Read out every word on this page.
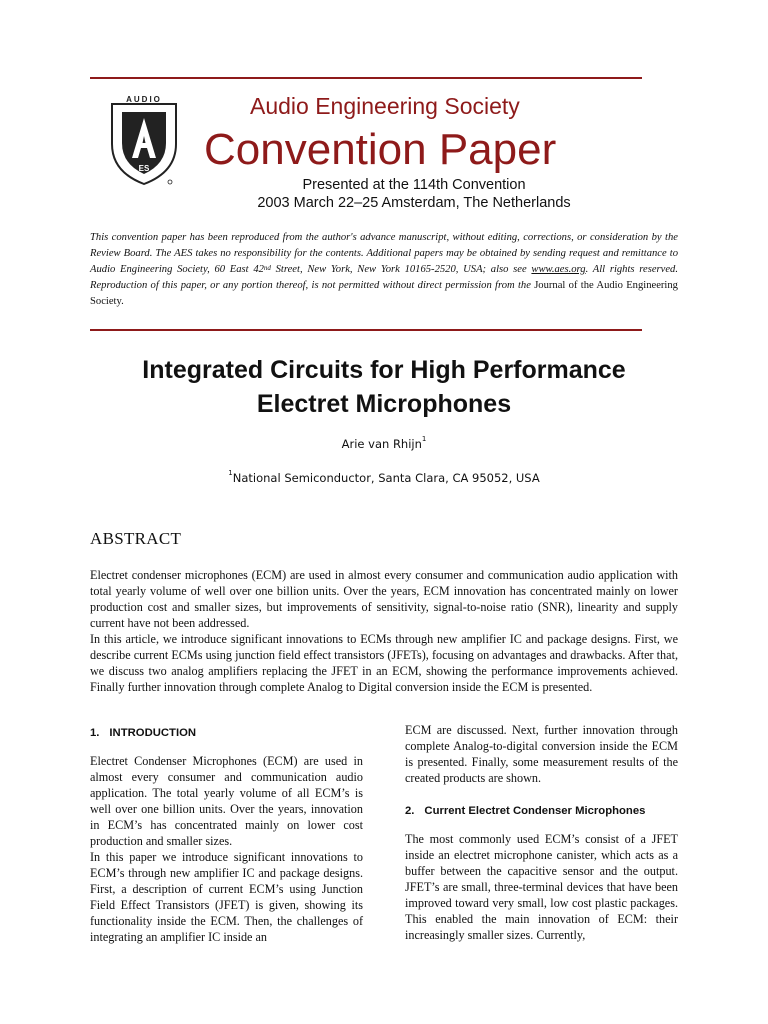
AUDIO
ES
Audio Engineering Society
Convention Paper
Presented at the 114th Convention
2003 March 22–25 Amsterdam, The Netherlands
This convention paper has been reproduced from the author's advance manuscript, without editing, corrections, or consideration by the Review Board. The AES takes no responsibility for the contents. Additional papers may be obtained by sending request and remittance to Audio Engineering Society, 60 East 42nd Street, New York, New York 10165-2520, USA; also see www.aes.org. All rights reserved. Reproduction of this paper, or any portion thereof, is not permitted without direct permission from the Journal of the Audio Engineering Society.
Integrated Circuits for High Performance
Electret Microphones
Arie van Rhijn$^1$
$^1$National Semiconductor, Santa Clara, CA 95052, USA
ABSTRACT

Electret condenser microphones (ECM) are used in almost every consumer and communication audio application with total yearly volume of well over one billion units. Over the years, ECM innovation has concentrated mainly on lower production cost and smaller sizes, but improvements of sensitivity, signal-to-noise ratio (SNR), linearity and supply current have not been addressed.

In this article, we introduce significant innovations to ECMs through new amplifier IC and package designs. First, we describe current ECMs using junction field effect transistors (JFETs), focusing on advantages and drawbacks. After that, we discuss two analog amplifiers replacing the JFET in an ECM, showing the performance improvements achieved. Finally further innovation through complete Analog to Digital conversion inside the ECM is presented.

1. INTRODUCTION

Electret Condenser Microphones (ECM) are used in almost every consumer and communication audio application. The total yearly volume of all ECM’s is well over one billion units. Over the years, innovation in ECM’s has concentrated mainly on lower cost production and smaller sizes.

In this paper we introduce significant innovations to ECM’s through new amplifier IC and package designs. First, a description of current ECM’s using Junction Field Effect Transistors (JFET) is given, showing its functionality inside the ECM. Then, the challenges of integrating an amplifier IC inside an

ECM are discussed. Next, further innovation through complete Analog-to-digital conversion inside the ECM is presented. Finally, some measurement results of the created products are shown.

2. Current Electret Condenser Microphones

The most commonly used ECM’s consist of a JFET inside an electret microphone canister, which acts as a buffer between the capacitive sensor and the output. JFET’s are small, three-terminal devices that have been improved toward very small, low cost plastic packages. This enabled the main innovation of ECM: their increasingly smaller sizes. Currently,
